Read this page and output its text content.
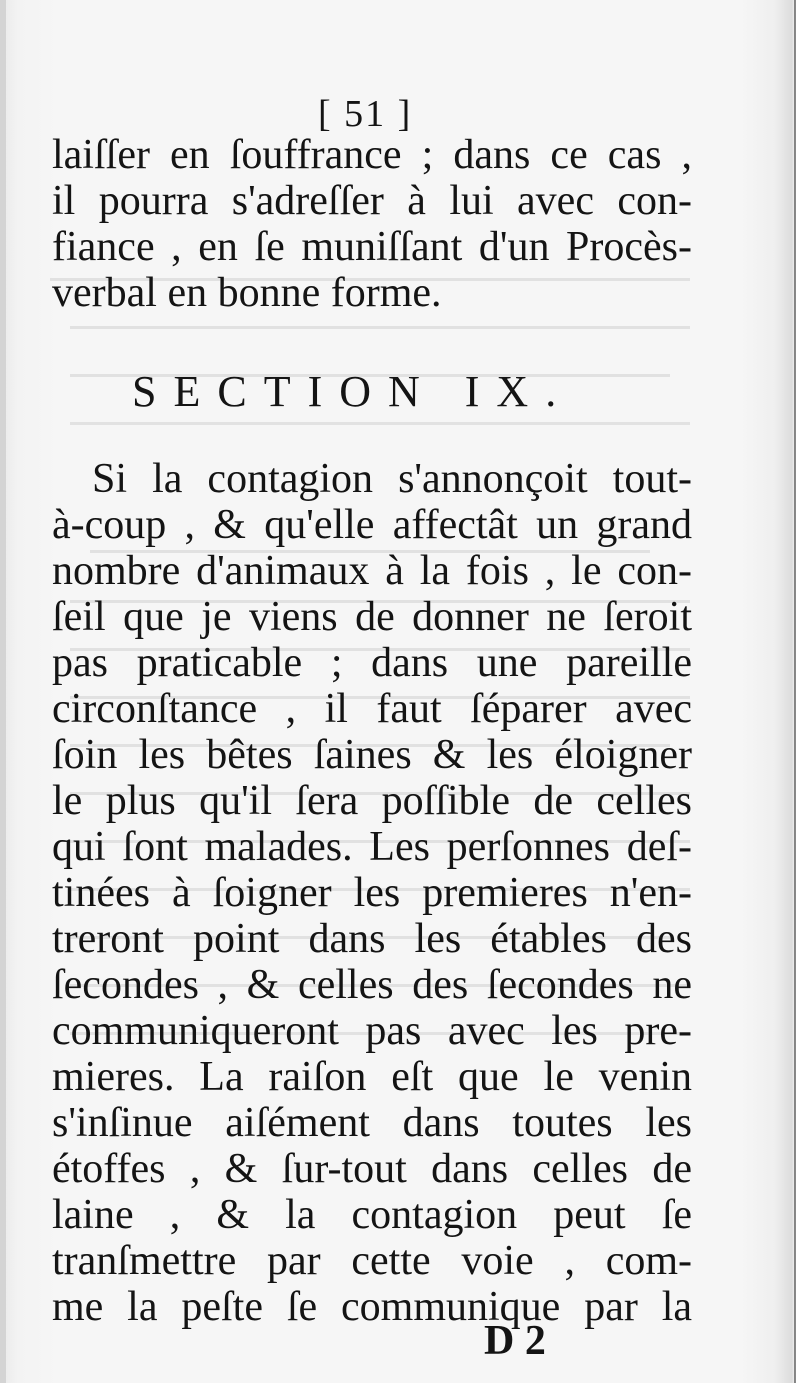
[ 51 ]
laiſſer en ſouffrance ; dans ce cas ,
il pourra s'adreſſer à lui avec con-
fiance , en ſe muniſſant d'un Procès-
verbal en bonne forme.
SECTION IX.
Si la contagion s'annonçoit tout-
à-coup , & qu'elle affectât un grand
nombre d'animaux à la fois , le con-
ſeil que je viens de donner ne ſeroit
pas praticable ; dans une pareille
circonſtance , il faut ſéparer avec
ſoin les bêtes ſaines & les éloigner
le plus qu'il ſera poſſible de celles
qui ſont malades. Les perſonnes deſ-
tinées à ſoigner les premieres n'en-
treront point dans les étables des
ſecondes , & celles des ſecondes ne
communiqueront pas avec les pre-
mieres. La raiſon eſt que le venin
s'inſinue aiſément dans toutes les
étoffes , & ſur-tout dans celles de
laine , & la contagion peut ſe
tranſmettre par cette voie , com-
me la peſte ſe communique par la
D 2
